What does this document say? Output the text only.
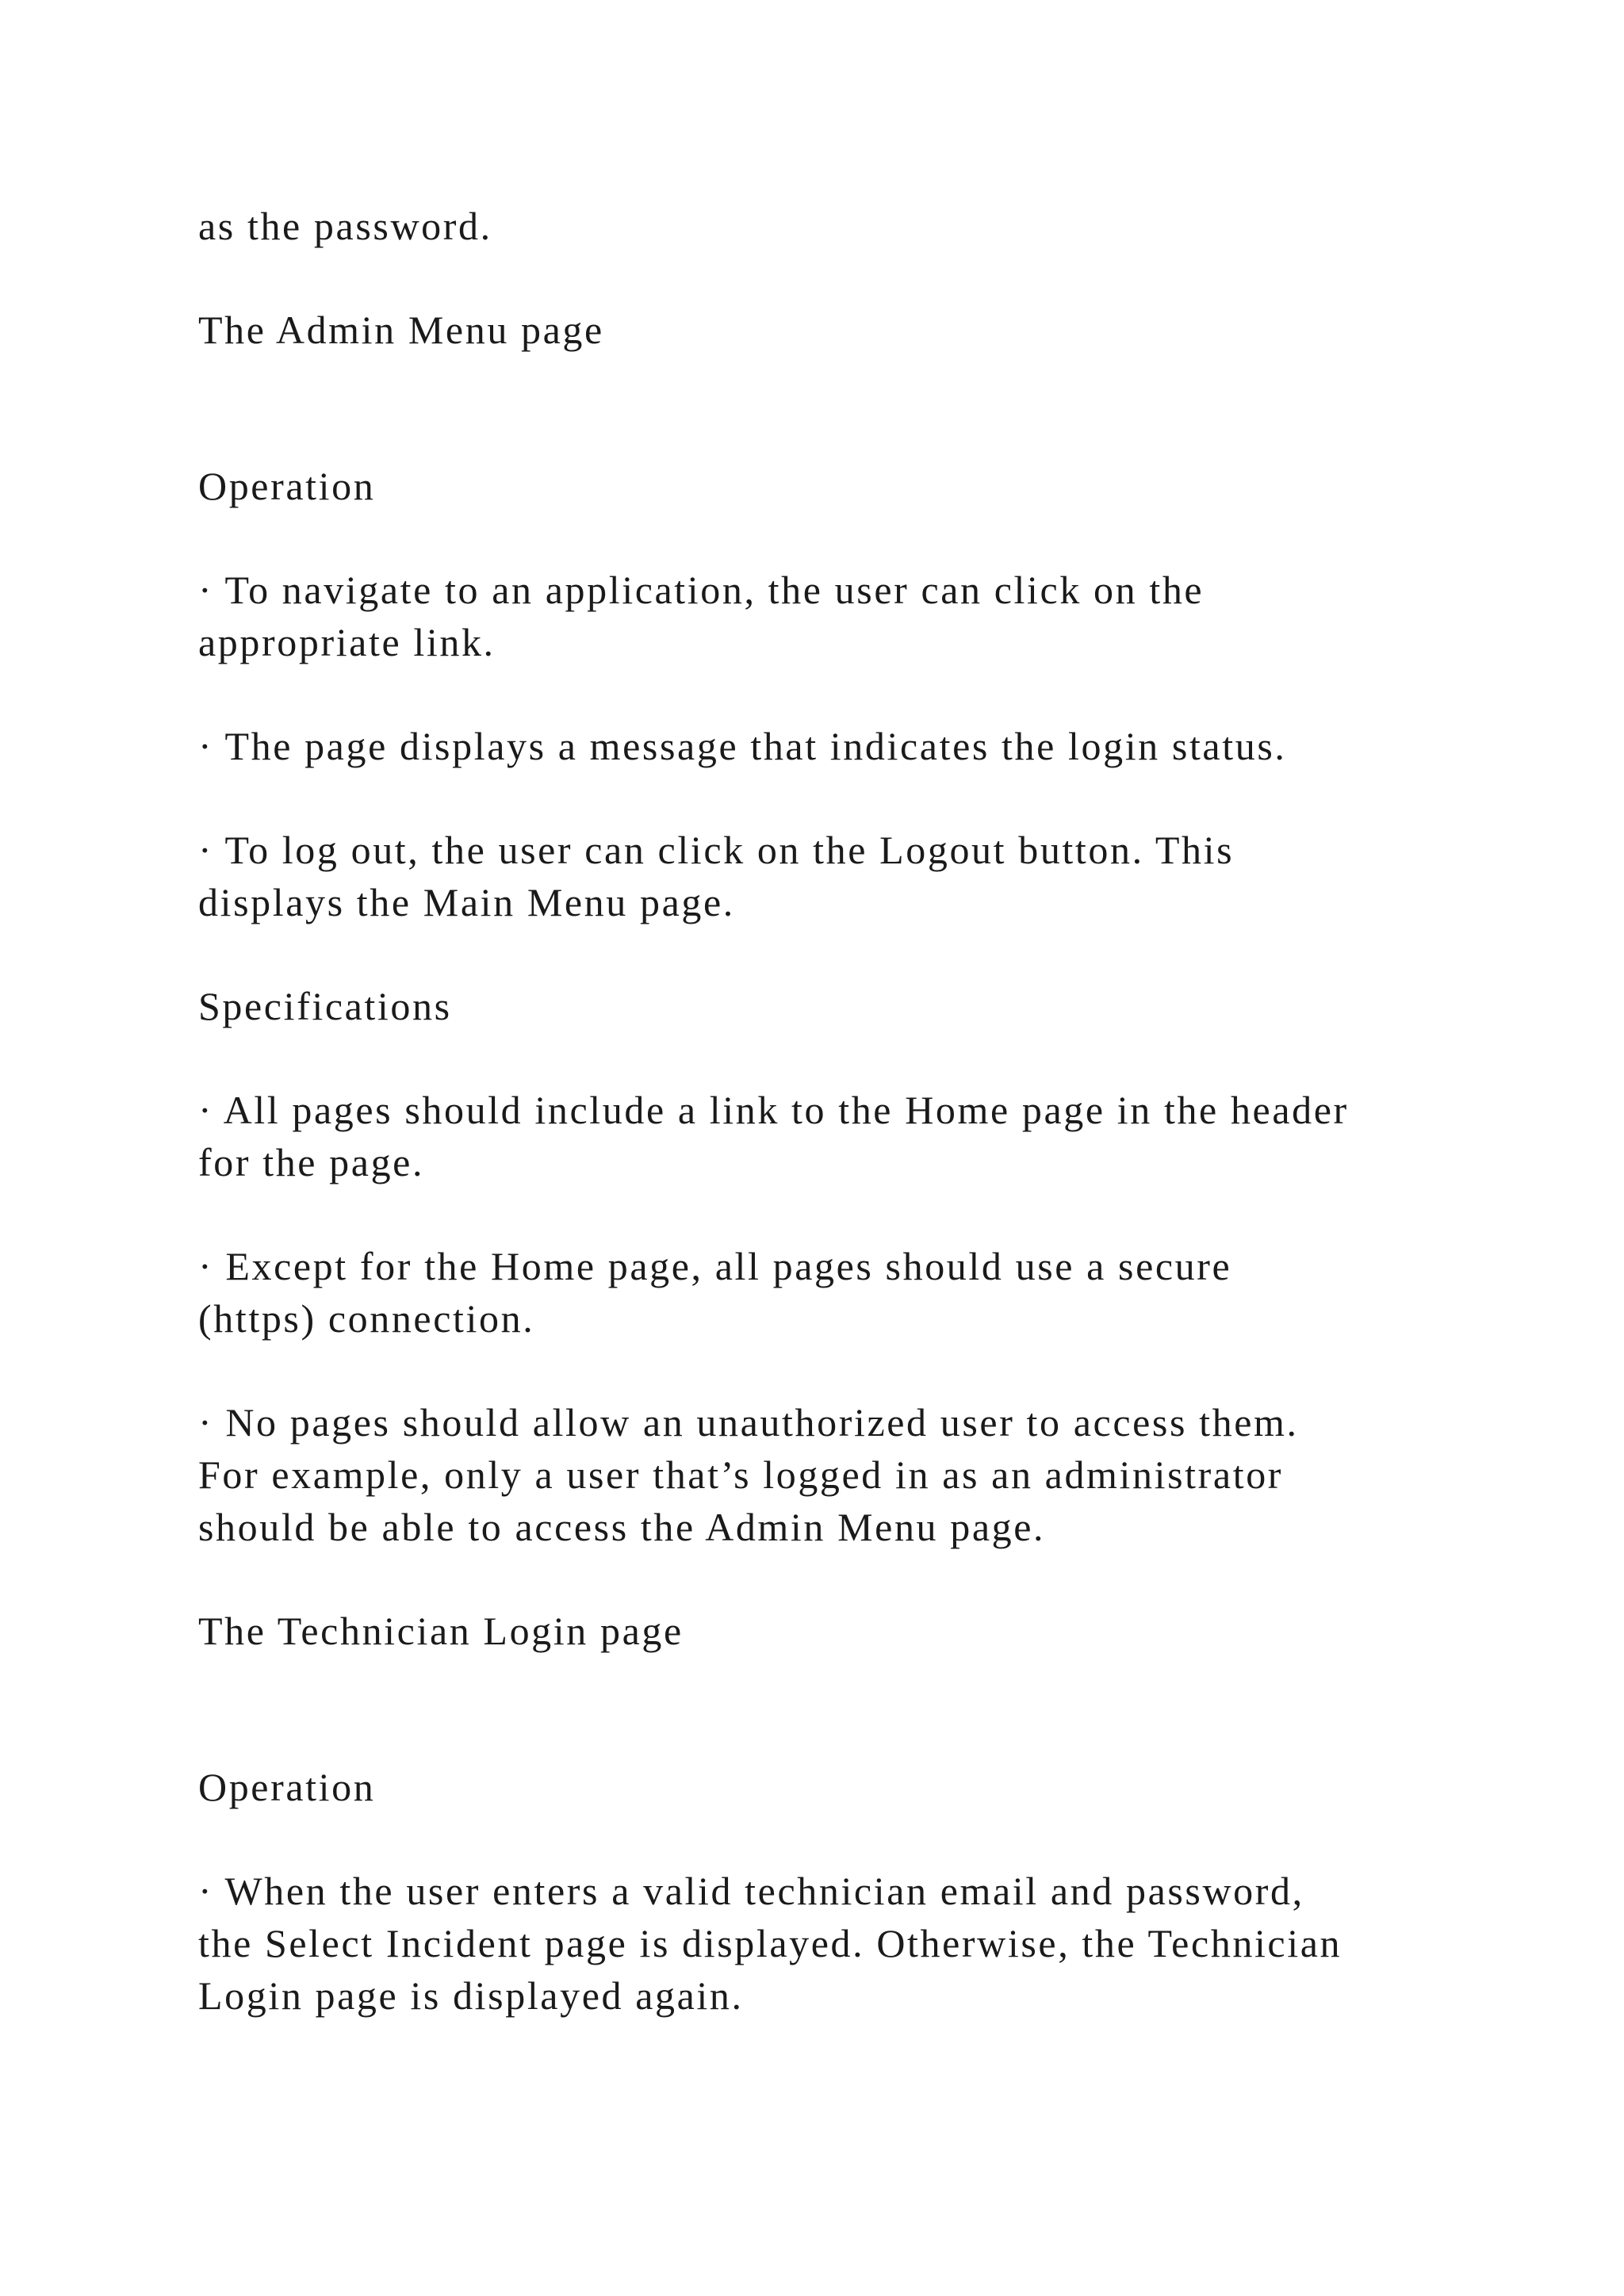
as the password.

The Admin Menu page

Operation

· To navigate to an application, the user can click on the

appropriate link.

· The page displays a message that indicates the login status.

· To log out, the user can click on the Logout button. This

displays the Main Menu page.

Specifications

· All pages should include a link to the Home page in the header

for the page.

· Except for the Home page, all pages should use a secure

(https) connection.

· No pages should allow an unauthorized user to access them.

For example, only a user that’s logged in as an administrator

should be able to access the Admin Menu page.

The Technician Login page

Operation

· When the user enters a valid technician email and password,

the Select Incident page is displayed. Otherwise, the Technician

Login page is displayed again.
